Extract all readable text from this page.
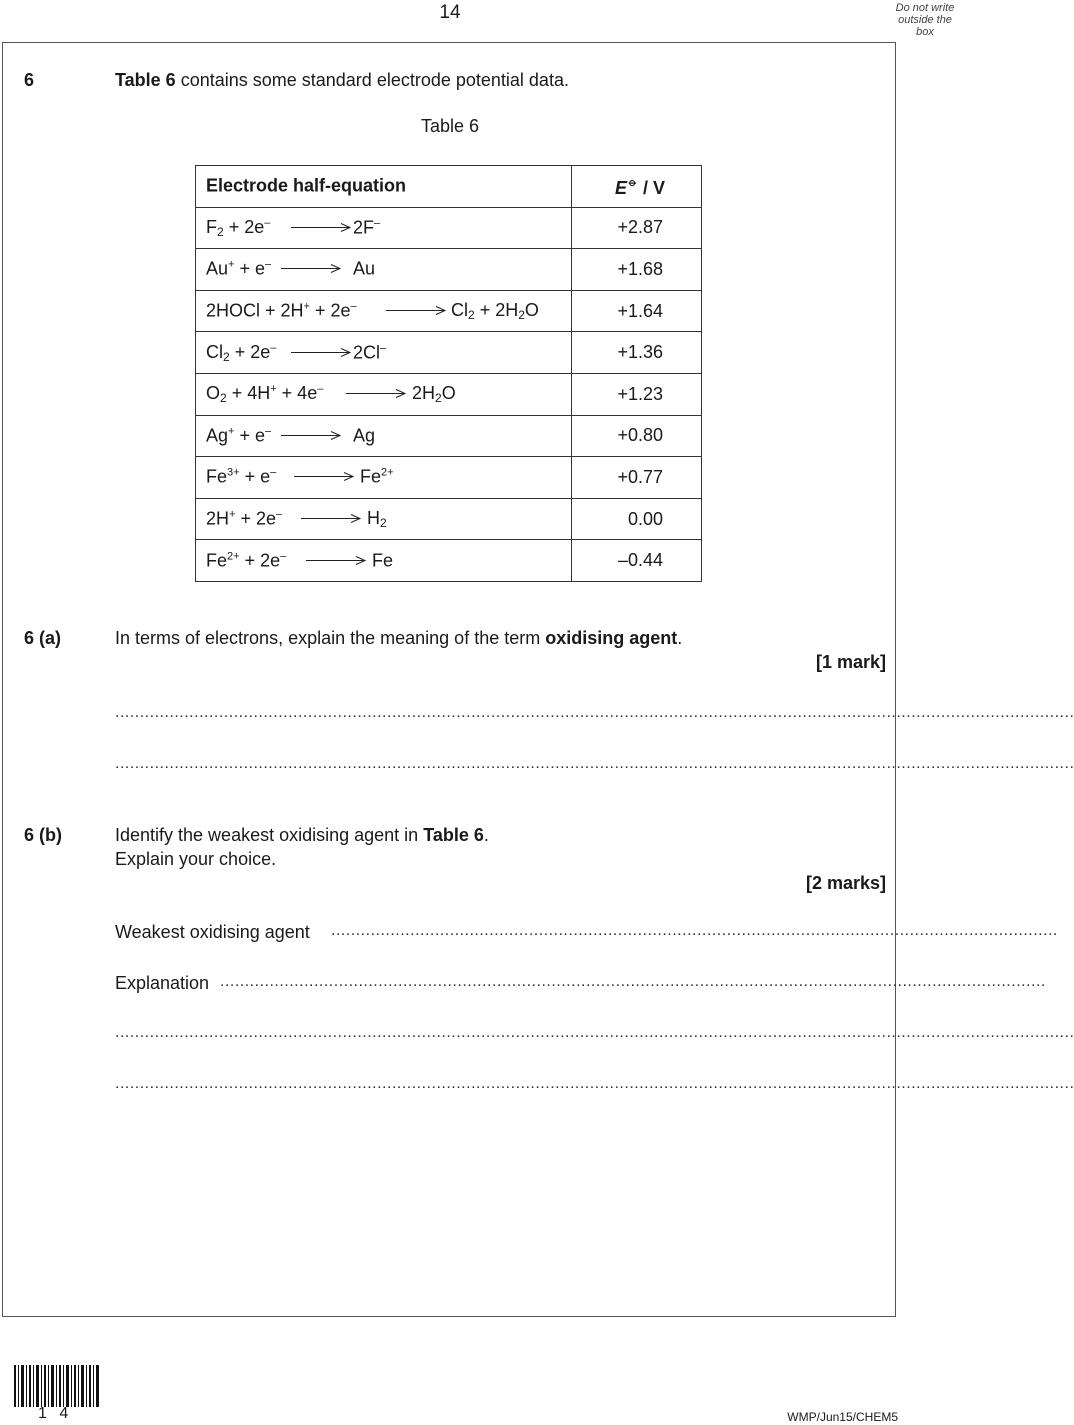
14	Do not write outside the box
6	Table 6 contains some standard electrode potential data.
Table 6
Electrode half-equation	E⦵ / V

$F_2 + 2e^-$ 2F–	+2.87

Au+ + e– Au	+1.68

2HOCl + 2H+ + 2e– $Cl_2 + 2H_2O$	+1.64

$Cl_2 + 2e^-$ 2Cl–	+1.36

$O_2 + 4H^+ + 4e^-$ $2H_2O$	+1.23

Ag+ + e– Ag	+0.80

$Fe^{3+} + e^-$ $Fe^{2+}$	+0.77

2H+ + 2e– $H_2$	0.00

$Fe^{2+} + 2e^-$ Fe	–0.44
6 (a)	In terms of electrons, explain the meaning of the term oxidising agent.
[1 mark]
..................................................................................................................................................................................................
..................................................................................................................................................................................................
6 (b)	Identify the weakest oxidising agent in Table 6.
Explain your choice.
[2 marks]
Weakest oxidising agent ...................................................................................................................................................
Explanation .......................................................................................................................................................................
..................................................................................................................................................................................................
..................................................................................................................................................................................................
1 4	WMP/Jun15/CHEM5
